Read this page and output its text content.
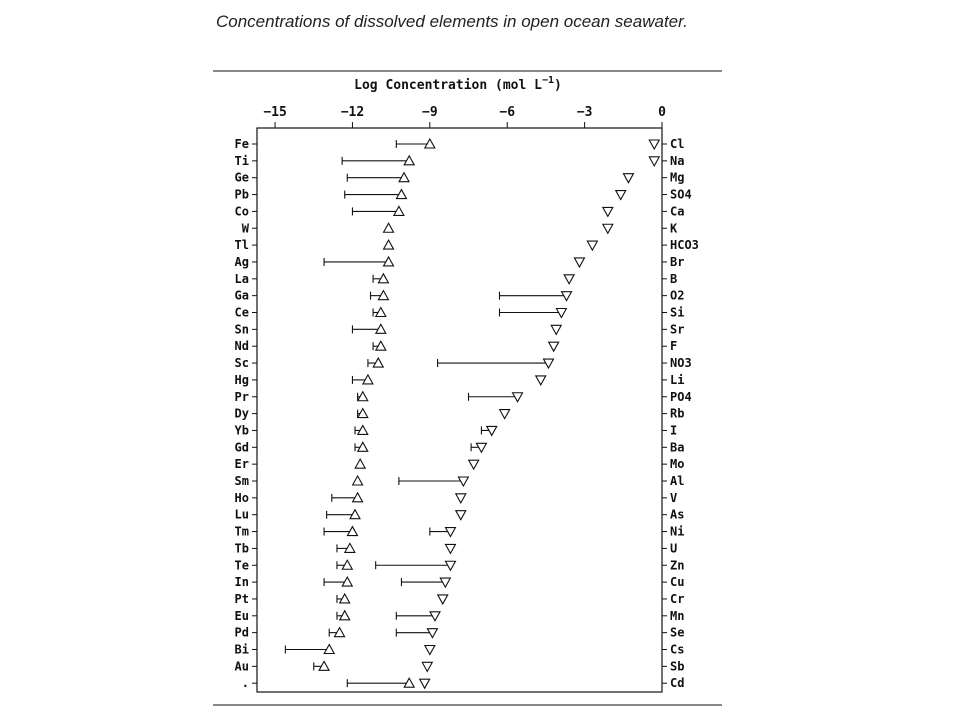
Concentrations of dissolved elements in open ocean seawater.
Log Concentration (mol $L^{-1}$)
−15	−12	−9	−6	−3	0
Fe
Ti
Ge
Pb
Co
W
Tl
Ag
La
Ga
Ce
Sn
Nd
Sc
Hg
Pr
Dy
Yb
Gd
Er
Sm
Ho
Lu
Tm
Tb
Te
In
Pt
Eu
Pd
Bi
Au
.
Cl
Na
Mg
SO4
Ca
K
HCO3
Br
B
O2
Si
Sr
F
NO3
Li
PO4
Rb
I
Ba
Mo
Al
V
As
Ni
U
Zn
Cu
Cr
Mn
Se
Cs
Sb
Cd
